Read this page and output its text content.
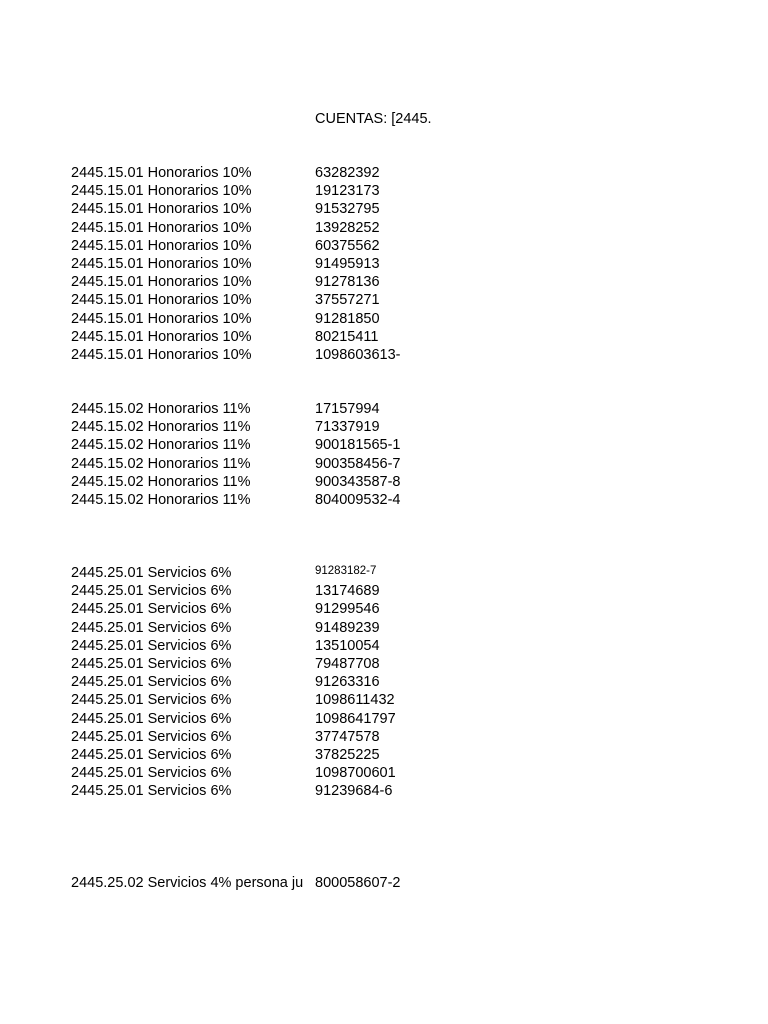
CUENTAS: [2445.
2445.15.01 Honorarios 10%	63282392
2445.15.01 Honorarios 10%	19123173
2445.15.01 Honorarios 10%	91532795
2445.15.01 Honorarios 10%	13928252
2445.15.01 Honorarios 10%	60375562
2445.15.01 Honorarios 10%	91495913
2445.15.01 Honorarios 10%	91278136
2445.15.01 Honorarios 10%	37557271
2445.15.01 Honorarios 10%	91281850
2445.15.01 Honorarios 10%	80215411
2445.15.01 Honorarios 10%	1098603613-
2445.15.02 Honorarios 11%	17157994
2445.15.02 Honorarios 11%	71337919
2445.15.02 Honorarios 11%	900181565-1
2445.15.02 Honorarios 11%	900358456-7
2445.15.02 Honorarios 11%	900343587-8
2445.15.02 Honorarios 11%	804009532-4
2445.25.01 Servicios 6%	91283182-7
2445.25.01 Servicios 6%	13174689
2445.25.01 Servicios 6%	91299546
2445.25.01 Servicios 6%	91489239
2445.25.01 Servicios 6%	13510054
2445.25.01 Servicios 6%	79487708
2445.25.01 Servicios 6%	91263316
2445.25.01 Servicios 6%	1098611432
2445.25.01 Servicios 6%	1098641797
2445.25.01 Servicios 6%	37747578
2445.25.01 Servicios 6%	37825225
2445.25.01 Servicios 6%	1098700601
2445.25.01 Servicios 6%	91239684-6
2445.25.02 Servicios 4% persona ju 800058607-2
